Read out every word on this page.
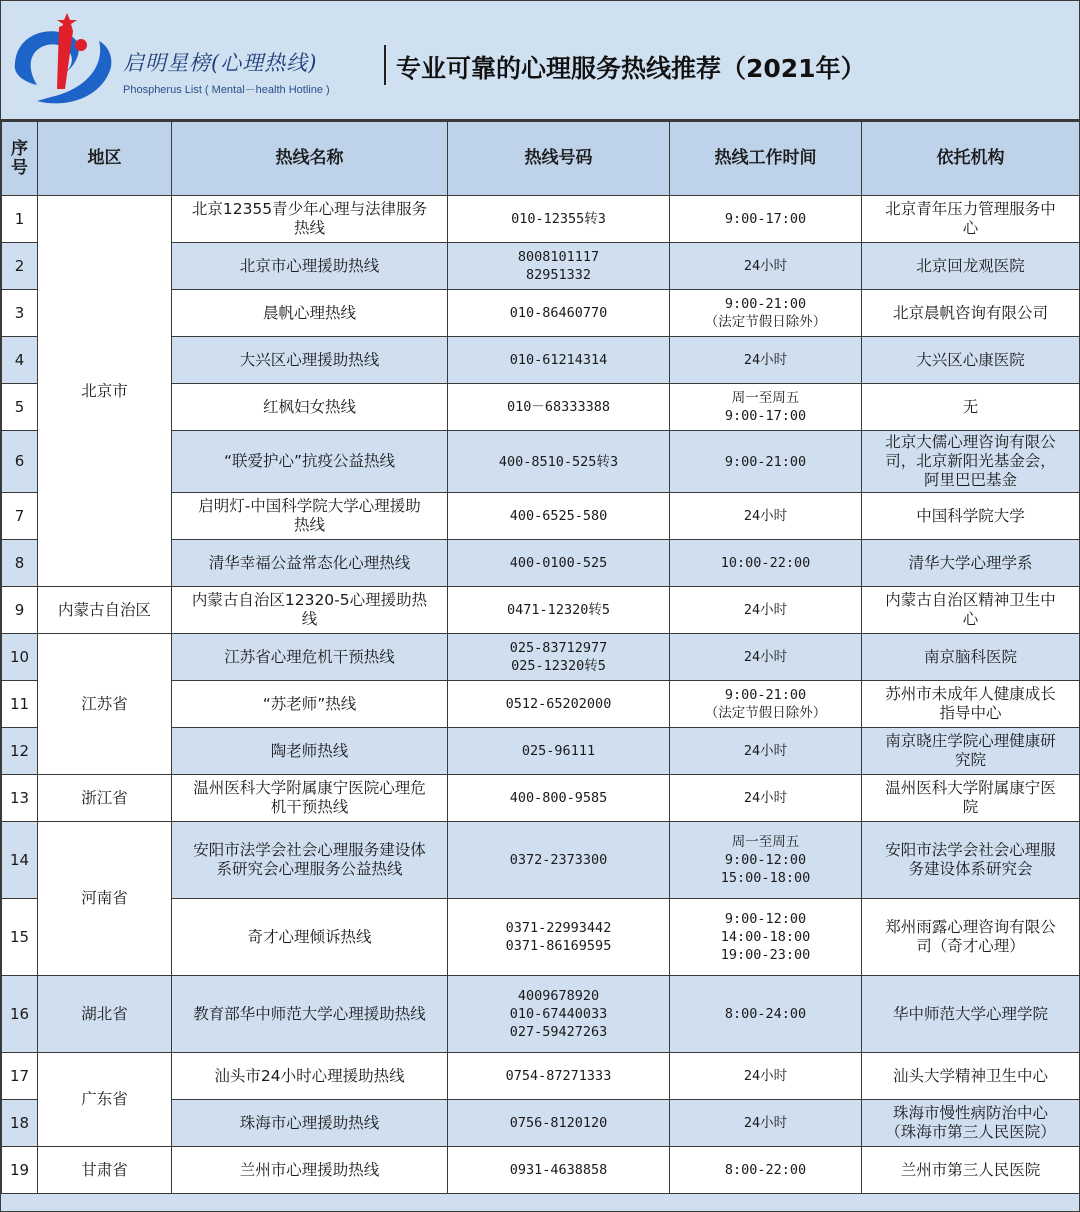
启明星榜(心理热线)
Phospherus List ( Mental－health Hotline )
专业可靠的心理服务热线推荐（2021年）
序
号	地区	热线名称	热线号码	热线工作时间	依托机构
1	北京市	北京12355青少年心理与法律服务
热线	010-12355转3	9:00-17:00	北京青年压力管理服务中
心

2		北京市心理援助热线	8008101117
82951332	24小时	北京回龙观医院

3		晨帆心理热线	010-86460770	9:00-21:00
（法定节假日除外）	北京晨帆咨询有限公司

4		大兴区心理援助热线	010-61214314	24小时	大兴区心康医院

5		红枫妇女热线	010－68333388	周一至周五
9:00-17:00	无

6		“联爱护心”抗疫公益热线	400-8510-525转3	9:00-21:00	北京大儒心理咨询有限公
司，北京新阳光基金会，
阿里巴巴基金

7		启明灯-中国科学院大学心理援助
热线	400-6525-580	24小时	中国科学院大学

8		清华幸福公益常态化心理热线	400-0100-525	10:00-22:00	清华大学心理学系

9	内蒙古自治区	内蒙古自治区12320-5心理援助热
线	0471-12320转5	24小时	内蒙古自治区精神卫生中
心

10	江苏省	江苏省心理危机干预热线	025-83712977
025-12320转5	24小时	南京脑科医院

11		“苏老师”热线	0512-65202000	9:00-21:00
（法定节假日除外）	苏州市未成年人健康成长
指导中心

12		陶老师热线	025-96111	24小时	南京晓庄学院心理健康研
究院

13	浙江省	温州医科大学附属康宁医院心理危
机干预热线	400-800-9585	24小时	温州医科大学附属康宁医
院

14	河南省	安阳市法学会社会心理服务建设体
系研究会心理服务公益热线	0372-2373300	周一至周五
9:00-12:00
15:00-18:00	安阳市法学会社会心理服
务建设体系研究会

15		奇才心理倾诉热线	0371-22993442
0371-86169595	9:00-12:00
14:00-18:00
19:00-23:00	郑州雨露心理咨询有限公
司（奇才心理）

16	湖北省	教育部华中师范大学心理援助热线	4009678920
010-67440033
027-59427263	8:00-24:00	华中师范大学心理学院

17	广东省	汕头市24小时心理援助热线	0754-87271333	24小时	汕头大学精神卫生中心

18		珠海市心理援助热线	0756-8120120	24小时	珠海市慢性病防治中心
（珠海市第三人民医院）

19	甘肃省	兰州市心理援助热线	0931-4638858	8:00-22:00	兰州市第三人民医院
